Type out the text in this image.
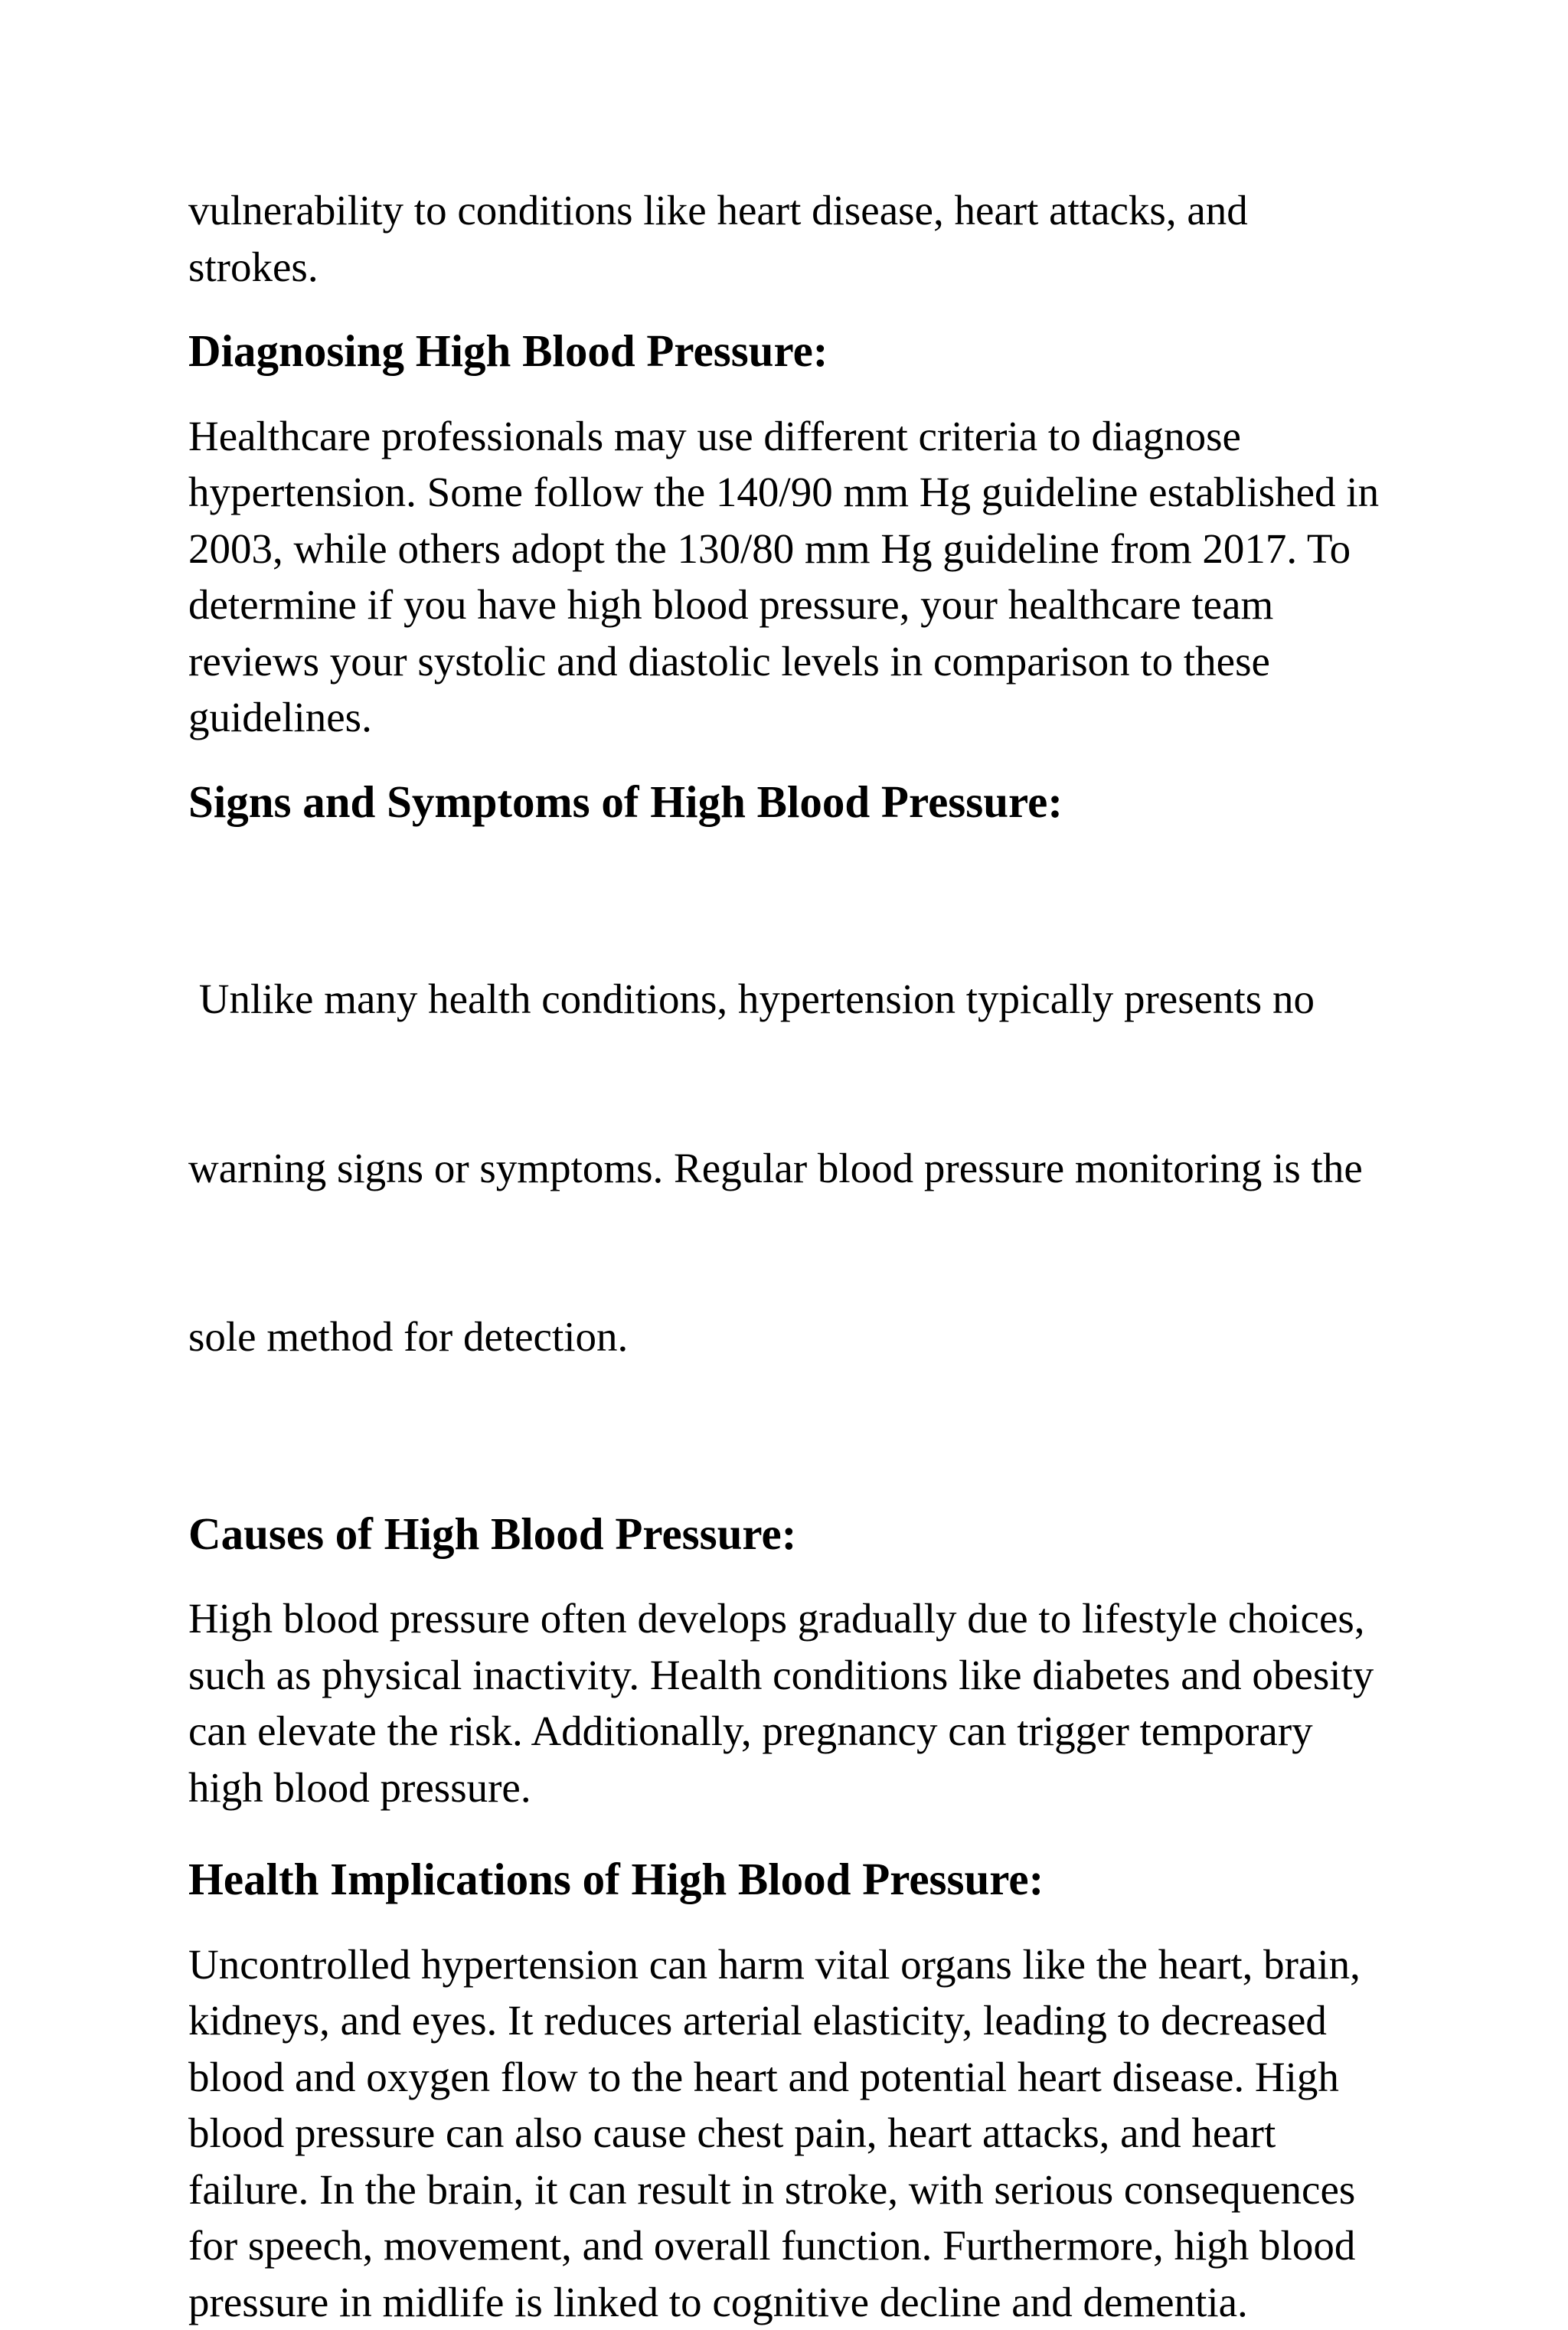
vulnerability to conditions like heart disease, heart attacks, and
strokes.

Diagnosing High Blood Pressure:

Healthcare professionals may use different criteria to diagnose
hypertension. Some follow the 140/90 mm Hg guideline established in
2003, while others adopt the 130/80 mm Hg guideline from 2017. To
determine if you have high blood pressure, your healthcare team
reviews your systolic and diastolic levels in comparison to these
guidelines.

Signs and Symptoms of High Blood Pressure:

Unlike many health conditions, hypertension typically presents no

warning signs or symptoms. Regular blood pressure monitoring is the

sole method for detection.

Causes of High Blood Pressure:

High blood pressure often develops gradually due to lifestyle choices,
such as physical inactivity. Health conditions like diabetes and obesity
can elevate the risk. Additionally, pregnancy can trigger temporary
high blood pressure.

Health Implications of High Blood Pressure:

Uncontrolled hypertension can harm vital organs like the heart, brain,
kidneys, and eyes. It reduces arterial elasticity, leading to decreased
blood and oxygen flow to the heart and potential heart disease. High
blood pressure can also cause chest pain, heart attacks, and heart
failure. In the brain, it can result in stroke, with serious consequences
for speech, movement, and overall function. Furthermore, high blood
pressure in midlife is linked to cognitive decline and dementia.
